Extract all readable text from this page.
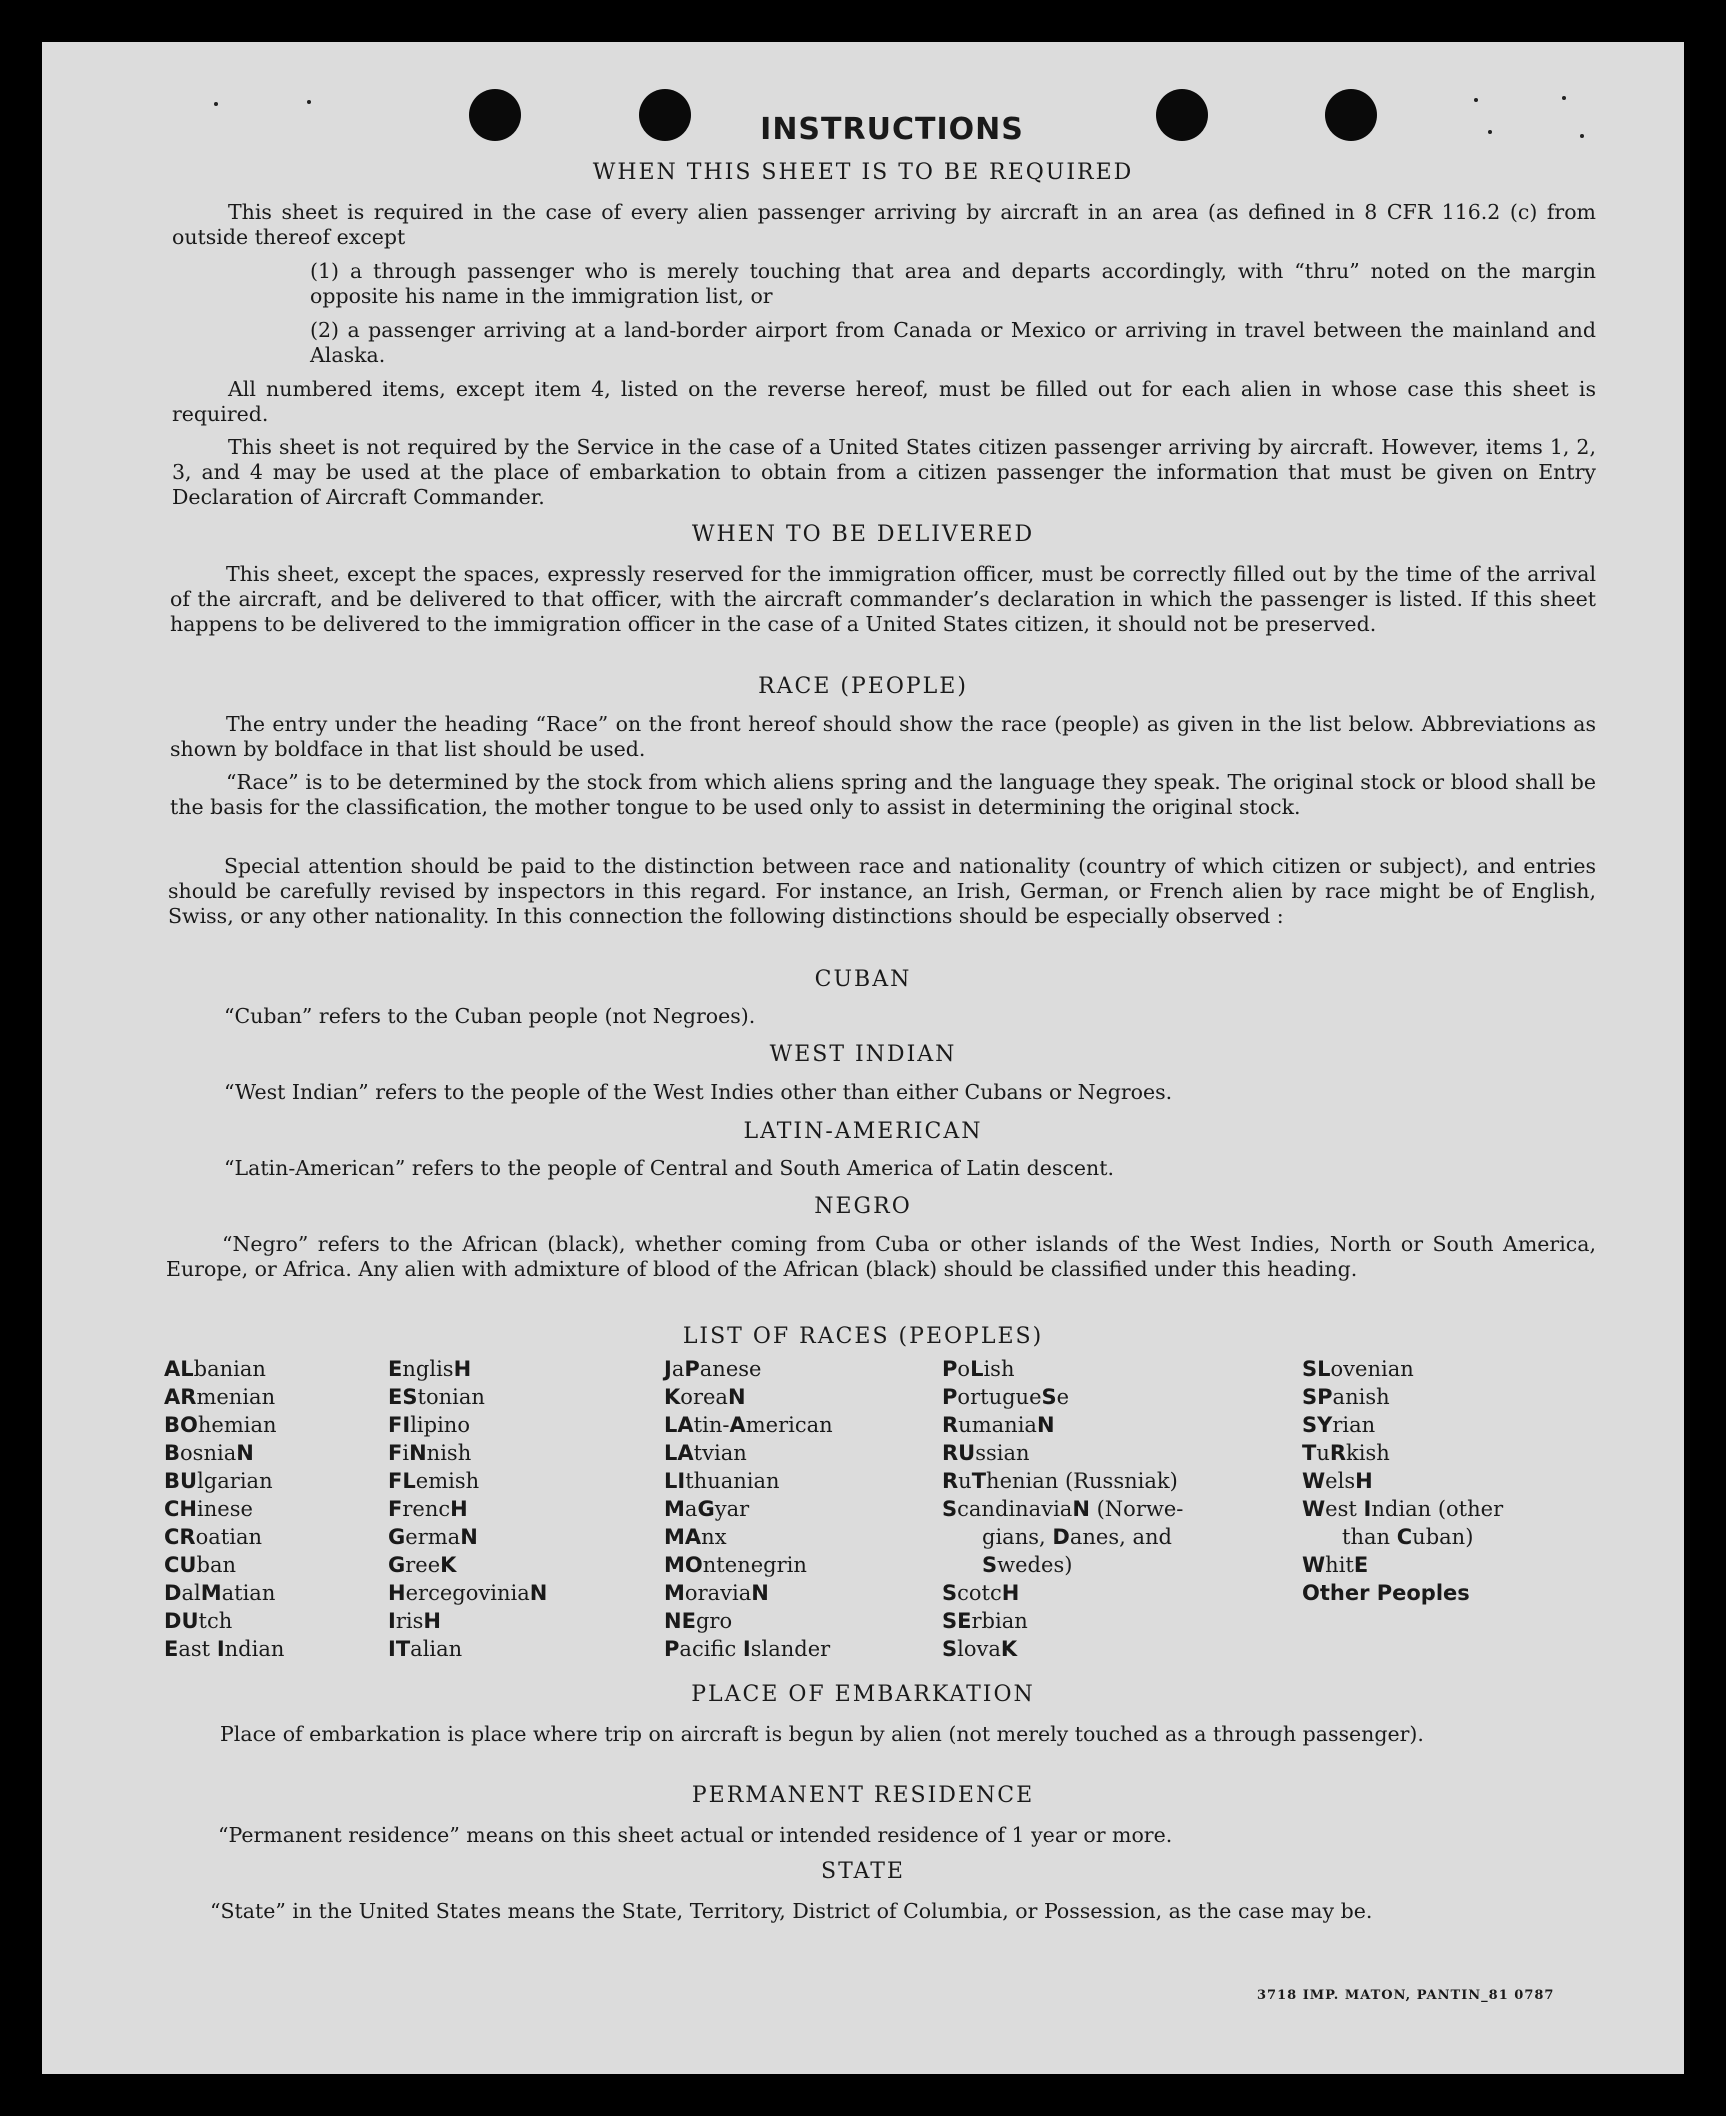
INSTRUCTIONS
WHEN THIS SHEET IS TO BE REQUIRED

This sheet is required in the case of every alien passenger arriving by aircraft in an area (as defined in 8 CFR 116.2 (c) from outside thereof except

(1) a through passenger who is merely touching that area and departs accordingly, with “thru” noted on the margin opposite his name in the immigration list, or

(2) a passenger arriving at a land-border airport from Canada or Mexico or arriving in travel between the mainland and Alaska.

All numbered items, except item 4, listed on the reverse hereof, must be filled out for each alien in whose case this sheet is required.

This sheet is not required by the Service in the case of a United States citizen passenger arriving by aircraft. However, items 1, 2, 3, and 4 may be used at the place of embarkation to obtain from a citizen passenger the information that must be given on Entry Declaration of Aircraft Commander.

WHEN TO BE DELIVERED

This sheet, except the spaces, expressly reserved for the immigration officer, must be correctly filled out by the time of the arrival of the aircraft, and be delivered to that officer, with the aircraft commander’s declaration in which the passenger is listed. If this sheet happens to be delivered to the immigration officer in the case of a United States citizen, it should not be preserved.

RACE (PEOPLE)

The entry under the heading “Race” on the front hereof should show the race (people) as given in the list below. Abbreviations as shown by boldface in that list should be used.

“Race” is to be determined by the stock from which aliens spring and the language they speak. The original stock or blood shall be the basis for the classification, the mother tongue to be used only to assist in determining the original stock.

Special attention should be paid to the distinction between race and nationality (country of which citizen or subject), and entries should be carefully revised by inspectors in this regard. For instance, an Irish, German, or French alien by race might be of English, Swiss, or any other nationality. In this connection the following distinctions should be especially observed :

CUBAN

“Cuban” refers to the Cuban people (not Negroes).

WEST INDIAN

“West Indian” refers to the people of the West Indies other than either Cubans or Negroes.

LATIN-AMERICAN

“Latin-American” refers to the people of Central and South America of Latin descent.

NEGRO

“Negro” refers to the African (black), whether coming from Cuba or other islands of the West Indies, North or South America, Europe, or Africa. Any alien with admixture of blood of the African (black) should be classified under this heading.

LIST OF RACES (PEOPLES)
ALbanian
ARmenian
BOhemian
BosniaN
BUlgarian
CHinese
CRoatian
CUban
DalMatian
DUtch
East Indian
EnglisH
EStonian
FIlipino
FiNnish
FLemish
FrencH
GermaN
GreeK
HercegoviniaN
IrisH
ITalian
JaPanese
KoreaN
LAtin-American
LAtvian
LIthuanian
MaGyar
MAnx
MOntenegrin
MoraviaN
NEgro
Pacifc Islander
PoLish
PortugueSe
RumaniaN
RUssian
RuThenian (Russniak)
ScandinaviaN (Norwe-
gians, Danes, and
Swedes)
ScotcH
SErbian
SlovaK
SLovenian
SPanish
SYrian
TuRkish
WelsH
West Indian (other
than Cuban)
WhitE
Other Peoples
PLACE OF EMBARKATION

Place of embarkation is place where trip on aircraft is begun by alien (not merely touched as a through passenger).

PERMANENT RESIDENCE

“Permanent residence” means on this sheet actual or intended residence of 1 year or more.

STATE

“State” in the United States means the State, Territory, District of Columbia, or Possession, as the case may be.

3718 IMP. MATON, PANTIN_81 0787
